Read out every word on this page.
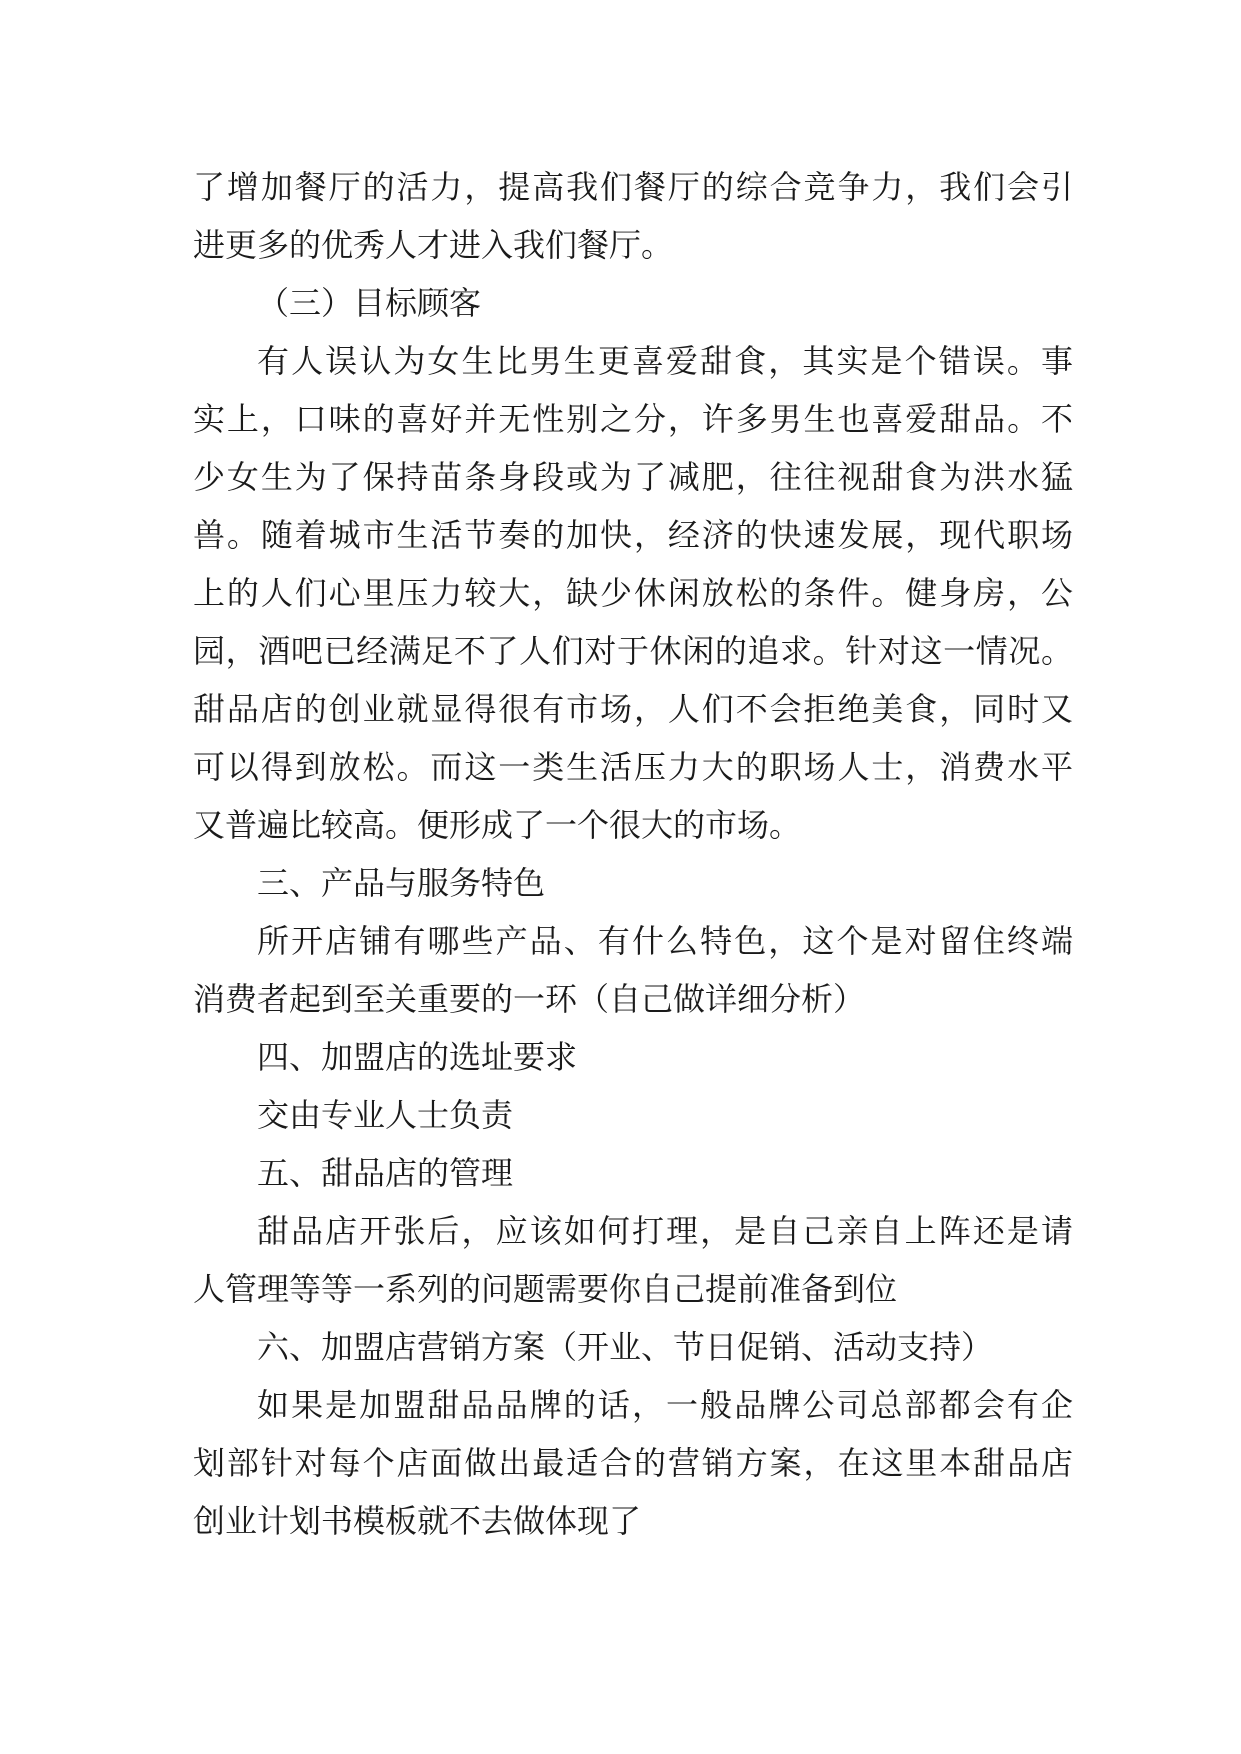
了增加餐厅的活力，提高我们餐厅的综合竞争力，我们会引
进更多的优秀人才进入我们餐厅。
（三）目标顾客
有人误认为女生比男生更喜爱甜食，其实是个错误。事
实上，口味的喜好并无性别之分，许多男生也喜爱甜品。不
少女生为了保持苗条身段或为了减肥，往往视甜食为洪水猛
兽。随着城市生活节奏的加快，经济的快速发展，现代职场
上的人们心里压力较大，缺少休闲放松的条件。健身房，公
园，酒吧已经满足不了人们对于休闲的追求。针对这一情况。
甜品店的创业就显得很有市场，人们不会拒绝美食，同时又
可以得到放松。而这一类生活压力大的职场人士，消费水平
又普遍比较高。便形成了一个很大的市场。
三、产品与服务特色
所开店铺有哪些产品、有什么特色，这个是对留住终端
消费者起到至关重要的一环（自己做详细分析）
四、加盟店的选址要求
交由专业人士负责
五、甜品店的管理
甜品店开张后，应该如何打理，是自己亲自上阵还是请
人管理等等一系列的问题需要你自己提前准备到位
六、加盟店营销方案（开业、节日促销、活动支持）
如果是加盟甜品品牌的话，一般品牌公司总部都会有企
划部针对每个店面做出最适合的营销方案，在这里本甜品店
创业计划书模板就不去做体现了
